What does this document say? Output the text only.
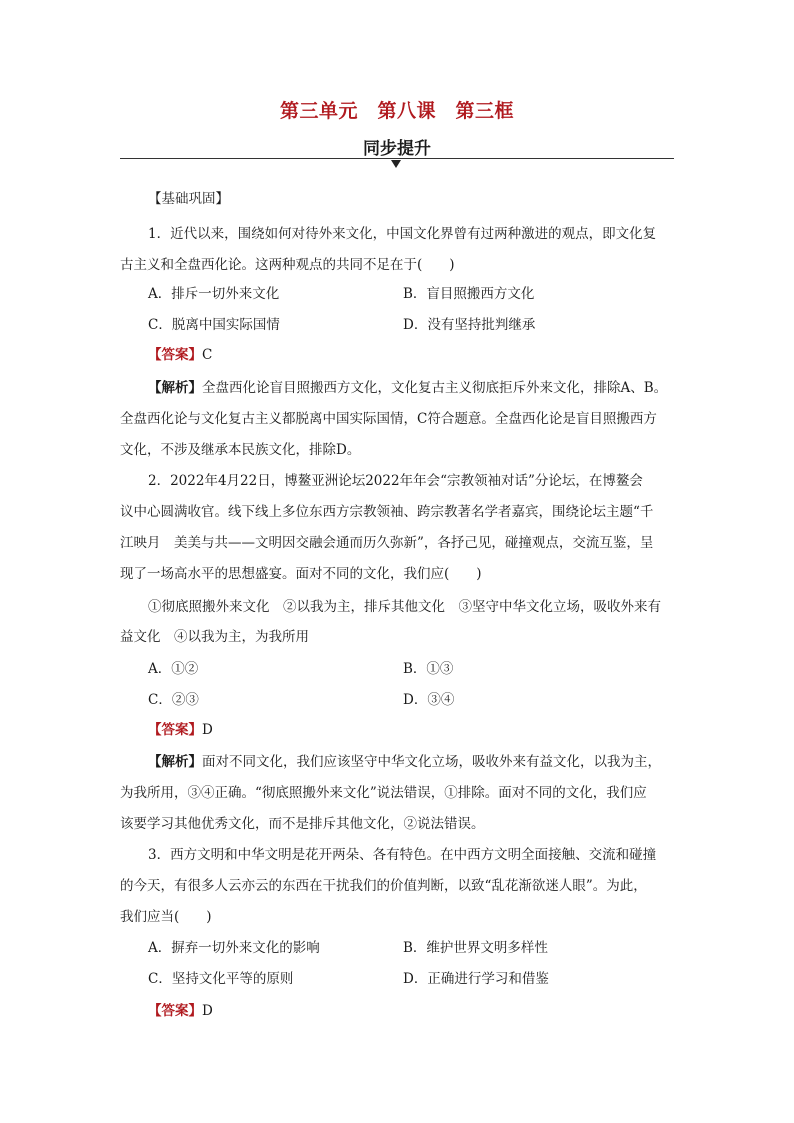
第三单元　第八课　第三框
同步提升
【基础巩固】
1．近代以来，围绕如何对待外来文化，中国文化界曾有过两种激进的观点，即文化复
古主义和全盘西化论。这两种观点的共同不足在于(　　)
A．排斥一切外来文化	B．盲目照搬西方文化
C．脱离中国实际国情	D．没有坚持批判继承
【答案】C
【解析】全盘西化论盲目照搬西方文化，文化复古主义彻底拒斥外来文化，排除A、B。
全盘西化论与文化复古主义都脱离中国实际国情，C符合题意。全盘西化论是盲目照搬西方
文化，不涉及继承本民族文化，排除D。
2．2022年4月22日，博鳌亚洲论坛2022年年会“宗教领袖对话”分论坛，在博鳌会
议中心圆满收官。线下线上多位东西方宗教领袖、跨宗教著名学者嘉宾，围绕论坛主题“千
江映月　美美与共——文明因交融会通而历久弥新”，各抒己见，碰撞观点，交流互鉴，呈
现了一场高水平的思想盛宴。面对不同的文化，我们应(　　)
①彻底照搬外来文化　②以我为主，排斥其他文化　③坚守中华文化立场，吸收外来有
益文化　④以我为主，为我所用
A．①②	B．①③
C．②③	D．③④
【答案】D
【解析】面对不同文化，我们应该坚守中华文化立场，吸收外来有益文化，以我为主，
为我所用，③④正确。“彻底照搬外来文化”说法错误，①排除。面对不同的文化，我们应
该要学习其他优秀文化，而不是排斥其他文化，②说法错误。
3．西方文明和中华文明是花开两朵、各有特色。在中西方文明全面接触、交流和碰撞
的今天，有很多人云亦云的东西在干扰我们的价值判断，以致“乱花渐欲迷人眼”。为此，
我们应当(　　)
A．摒弃一切外来文化的影响	B．维护世界文明多样性
C．坚持文化平等的原则	D．正确进行学习和借鉴
【答案】D
